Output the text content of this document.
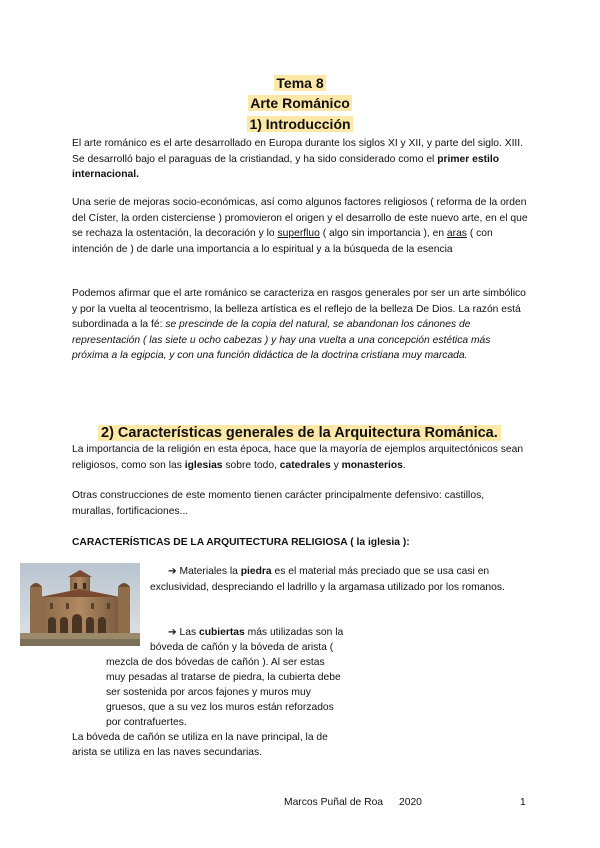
Tema 8
Arte Románico
1) Introducción

El arte románico es el arte desarrollado en Europa durante los siglos XI y XII, y parte del siglo. XIII. Se desarrolló bajo el paraguas de la cristiandad, y ha sido considerado como el primer estilo internacional.

Una serie de mejoras socio-económicas, así como algunos factores religiosos ( reforma de la orden del Císter, la orden cisterciense ) promovieron el origen y el desarrollo de este nuevo arte, en el que se rechaza la ostentación, la decoración y lo superfluo ( algo sin importancia ), en aras ( con intención de ) de darle una importancia a lo espiritual y a la búsqueda de la esencia

Podemos afirmar que el arte románico se caracteriza en rasgos generales por ser un arte simbólico y por la vuelta al teocentrismo, la belleza artística es el reflejo de la belleza De Dios. La razón está subordinada a la fé: se prescinde de la copia del natural, se abandonan los cánones de representación ( las siete u ocho cabezas ) y hay una vuelta a una concepción estética más próxima a la egipcia, y con una función didáctica de la doctrina cristiana muy marcada.

2) Características generales de la Arquitectura Románica.

La importancia de la religión en esta época, hace que la mayoría de ejemplos arquitectónicos sean religiosos, como son las iglesias sobre todo, catedrales y monasterios.

Otras construcciones de este momento tienen carácter principalmente defensivo: castillos, murallas, fortificaciones...

CARACTERÍSTICAS DE LA ARQUITECTURA RELIGIOSA ( la iglesia ):

➔ Materiales la piedra es el material más preciado que se usa casi en exclusividad, despreciando el ladrillo y la argamasa utilizado por los romanos.

➔ Las cubiertas más utilizadas son la
bóveda de cañón y la bóveda de arista (
mezcla de dos bóvedas de cañón ). Al ser estas
muy pesadas al tratarse de piedra, la cubierta debe
ser sostenida por arcos fajones y muros muy
gruesos, que a su vez los muros están reforzados
por contrafuertes.
La bóveda de cañón se utiliza en la nave principal, la de
arista se utiliza en las naves secundarias.
Marcos Puñal de Roa 2020	1
